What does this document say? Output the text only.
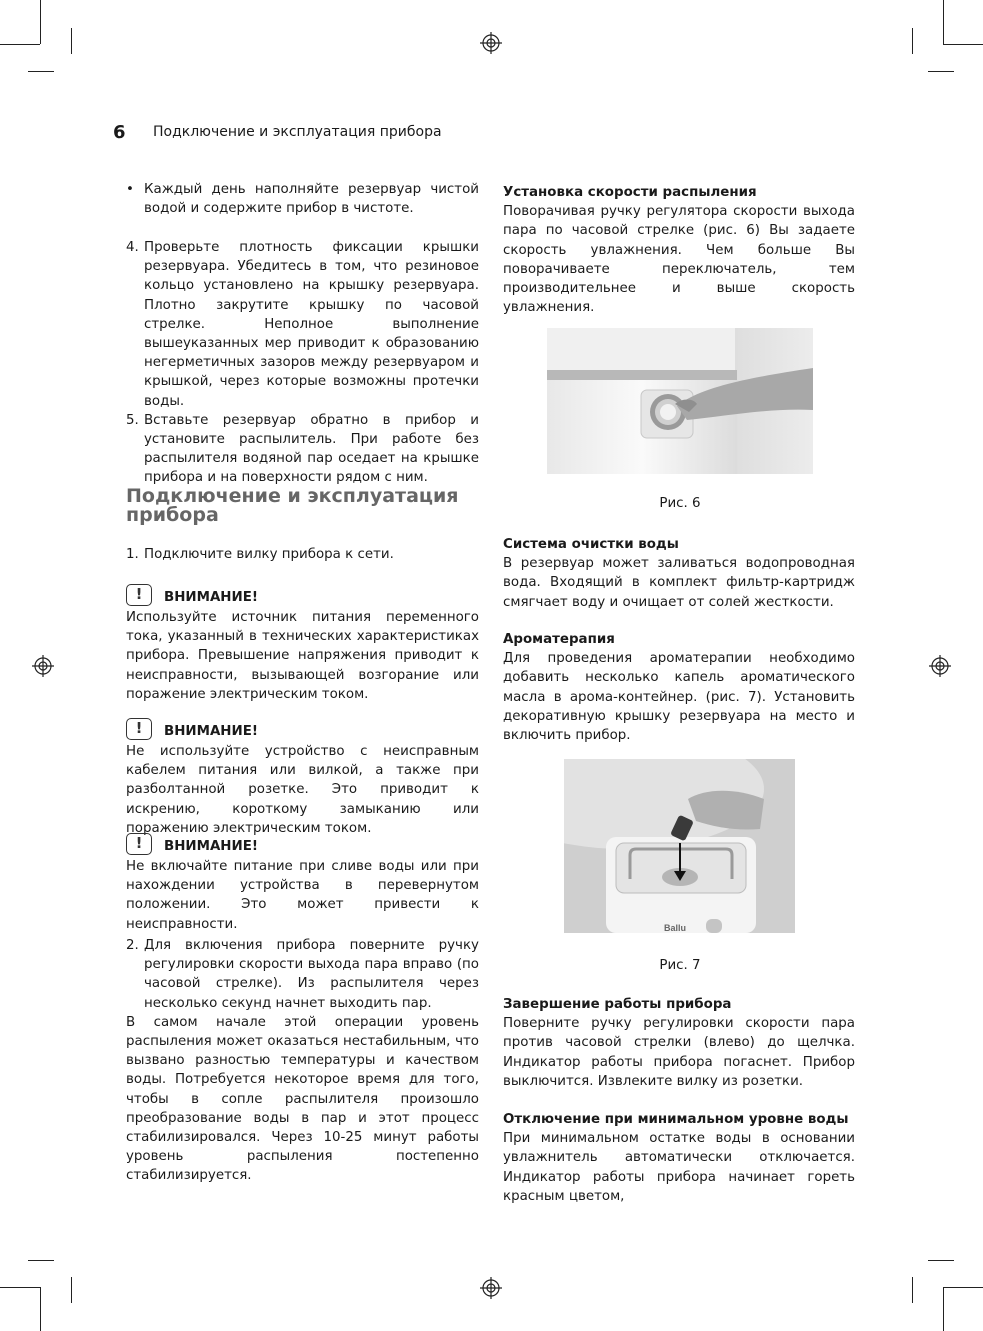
6 Подключение и эксплуатация прибора

• Каждый день наполняйте резервуар чистой водой и содержите прибор в чистоте.

4. Проверьте плотность фиксации крышки резервуара. Убедитесь в том, что резиновое кольцо установлено на крышку резервуара. Плотно закрутите крышку по часовой стрелке. Неполное выполнение вышеуказанных мер приводит к образованию негерметичных зазоров между резервуаром и крышкой, через которые возможны протечки воды.

5. Вставьте резервуар обратно в прибор и установите распылитель. При работе без распылителя водяной пар оседает на крышке прибора и на поверхности рядом с ним.

Подключение и эксплуатация прибора

1. Подключите вилку прибора к сети.

!	ВНИМАНИЕ!

Используйте источник питания переменного тока, указанный в технических характеристиках прибора. Превышение напряжения приводит к неисправности, вызывающей возгорание или поражение электрическим током.

!	ВНИМАНИЕ!

Не используйте устройство с неисправным кабелем питания или вилкой, а также при разболтанной розетке. Это приводит к искрению, короткому замыканию или поражению электрическим током.

!	ВНИМАНИЕ!

Не включайте питание при сливе воды или при нахождении устройства в перевернутом положении. Это может привести к неисправности.

2. Для включения прибора поверните ручку регулировки скорости выхода пара вправо (по часовой стрелке). Из распылителя через несколько секунд начнет выходить пар.

В самом начале этой операции уровень распыления может оказаться нестабильным, что вызвано разностью температуры и качеством воды. Потребуется некоторое время для того, чтобы в сопле распылителя произошло преобразование воды в пар и этот процесс стабилизировался. Через 10-25 минут работы уровень распыления постепенно стабилизируется.

Установка скорости распыления

Поворачивая ручку регулятора скорости выхода пара по часовой стрелке (рис. 6) Вы задаете скорость увлажнения. Чем больше Вы поворачиваете переключатель, тем производительнее и выше скорость увлажнения.

Рис. 6

Система очистки воды

В резервуар может заливаться водопроводная вода. Входящий в комплект фильтр-картридж смягчает воду и очищает от солей жесткости.

Ароматерапия

Для проведения ароматерапии необходимо добавить несколько капель ароматического масла в арома-контейнер. (рис. 7). Установить декоративную крышку резервуара на место и включить прибор.

Ballu
Рис. 7

Завершение работы прибора

Поверните ручку регулировки скорости пара против часовой стрелки (влево) до щелчка. Индикатор работы прибора погаснет. Прибор выключится. Извлеките вилку из розетки.

Отключение при минимальном уровне воды

При минимальном остатке воды в основании увлажнитель автоматически отключается. Индикатор работы прибора начинает гореть красным цветом,
